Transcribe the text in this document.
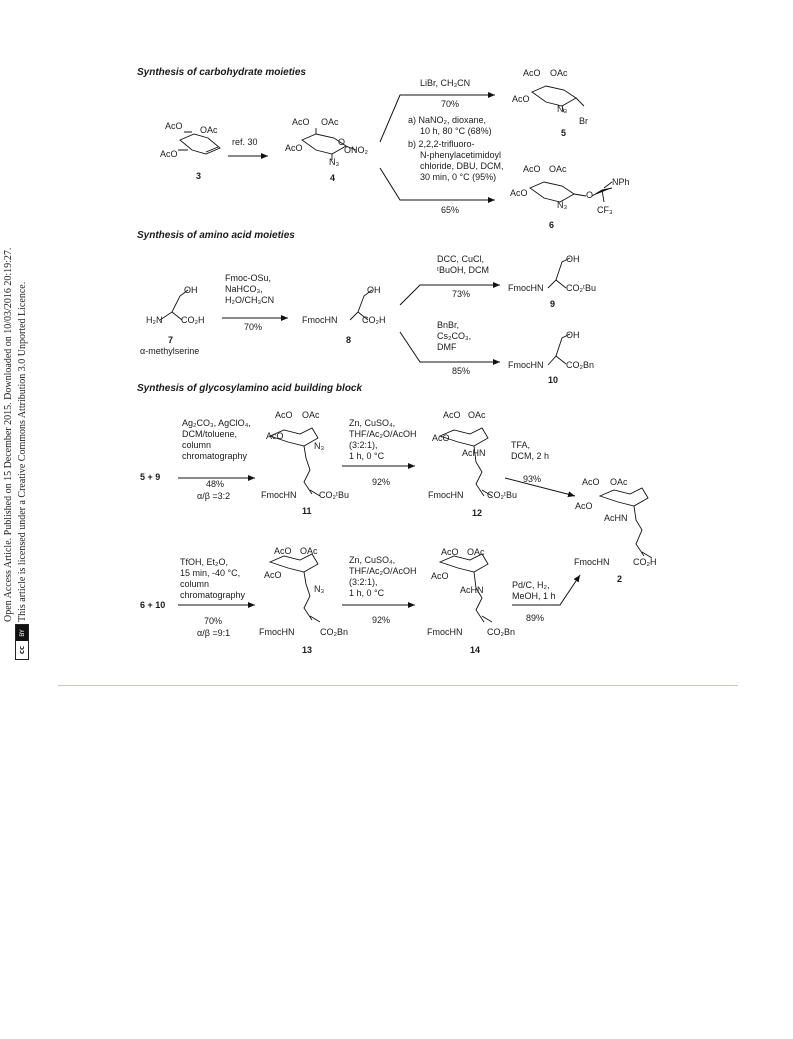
cc
BY
Open Access Article. Published on 15 December 2015. Downloaded on 10/03/2016 20:19:27. This article is licensed under a Creative Commons Attribution 3.0 Unported Licence.
Synthesis of carbohydrate moieties
Synthesis of amino acid moieties
Synthesis of glycosylamino acid building block
AcO OAc
AcO
ref. 30
3
AcO OAc
AcO
O
ONO₂
N₃
4
LiBr, CH₃CN
70%
a) NaNO₂, dioxane,
10 h, 80 °C (68%)
b) 2,2,2-trifluoro-
N-phenylacetimidoyl
chloride, DBU, DCM,
30 min, 0 °C (95%)
65%
AcO OAc
AcO
N₃
Br
5
AcO OAc
AcO	O
N₃
NPh
CF₃
6
OH
H₂N CO₂H
7
α-methylserine
Fmoc-OSu,
NaHCO₃,
H₂O/CH₃CN
70%
OH
FmocHN	CO₂H
8
DCC, CuCl,
ᵗBuOH, DCM
73%
OH
FmocHN	CO₂ᵗBu
9
BnBr,
Cs₂CO₃,
DMF
85%
OH
FmocHN	CO₂Bn
10
5 + 9
Ag₂CO₃, AgClO₄,
DCM/toluene,
column
chromatography
48%
α/β =3:2
AcO OAc
AcO
N₃
FmocHN	CO₂ᵗBu
11
Zn, CuSO₄,
THF/Ac₂O/AcOH
(3:2:1),
1 h, 0 °C
92%
AcO OAc
AcO
AcHN
FmocHN	CO₂ᵗBu
12
TFA,
DCM, 2 h
93%	AcO OAc
AcO
AcHN
FmocHN	CO₂H
2
6 + 10
TfOH, Et₂O,
15 min, -40 °C,
column
chromatography
70%
α/β =9:1
AcO OAc
AcO
N₃
FmocHN	CO₂Bn
13
Zn, CuSO₄,
THF/Ac₂O/AcOH
(3:2:1),
1 h, 0 °C
92%
AcO OAc
AcO
AcHN
FmocHN	CO₂Bn
14
Pd/C, H₂,
MeOH, 1 h
89%
